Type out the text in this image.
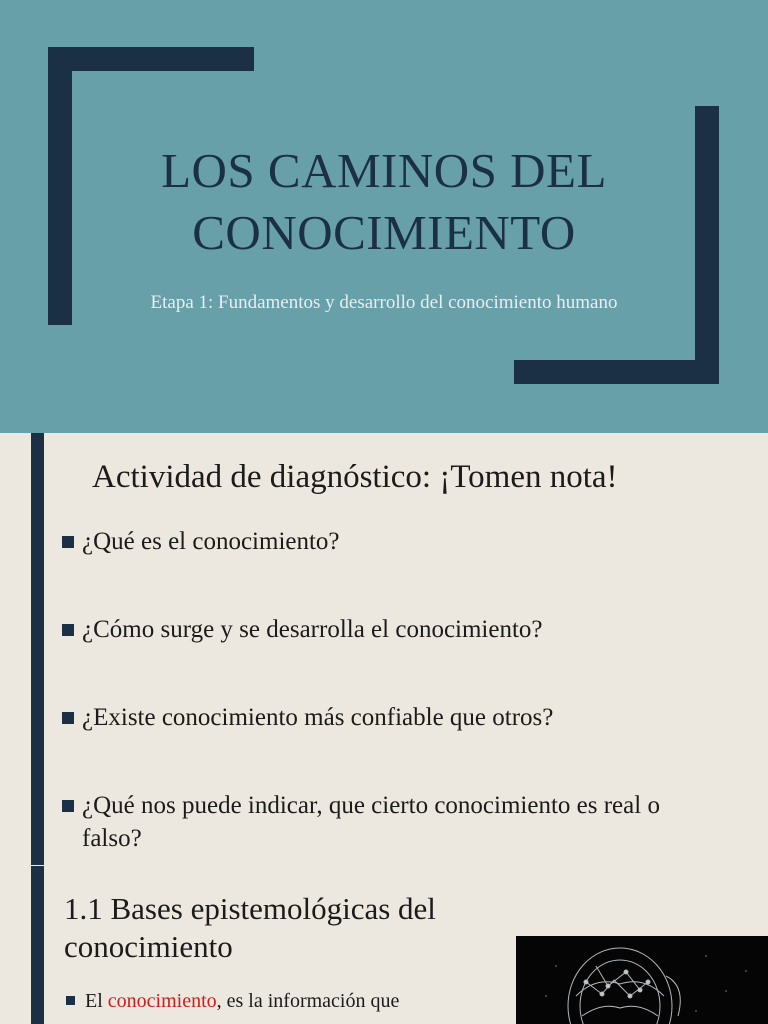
LOS CAMINOS DEL
CONOCIMIENTO
Etapa 1: Fundamentos y desarrollo del conocimiento humano
Actividad de diagnóstico: ¡Tomen nota!
¿Qué es el conocimiento?
¿Cómo surge y se desarrolla el conocimiento?
¿Existe conocimiento más confiable que otros?
¿Qué nos puede indicar, que cierto conocimiento es real o falso?
1.1 Bases epistemológicas del conocimiento
El conocimiento, es la información que
